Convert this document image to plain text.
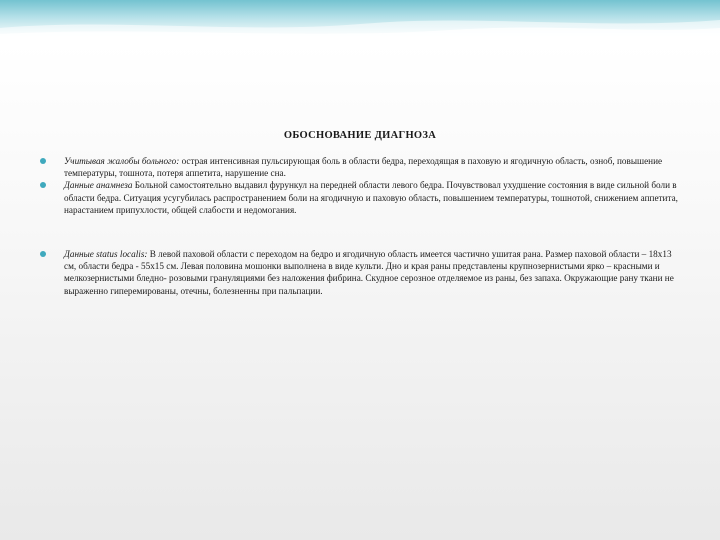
ОБОСНОВАНИЕ ДИАГНОЗА
Учитывая жалобы больного: острая интенсивная пульсирующая боль в области бедра, переходящая в паховую и ягодичную область, озноб, повышение температуры, тошнота, потеря аппетита, нарушение сна.
Данные анамнеза Больной самостоятельно выдавил фурункул на передней области левого бедра. Почувствовал ухудшение состояния в виде сильной боли в области бедра. Ситуация усугубилась распространением боли на ягодичную и паховую область, повышением температуры, тошнотой, снижением аппетита, нарастанием припухлости, общей слабости и недомогания.
Данные status localis: В левой паховой области с переходом на бедро и ягодичную область имеется частично ушитая рана. Размер паховой области – 18х13 см, области бедра - 55х15 см. Левая половина мошонки выполнена в виде культи. Дно и края раны представлены крупнозернистыми ярко – красными и мелкозернистыми бледно- розовыми грануляциями без наложения фибрина. Скудное серозное отделяемое из раны, без запаха. Окружающие рану ткани не выраженно гиперемированы, отечны, болезненны при пальпации.
